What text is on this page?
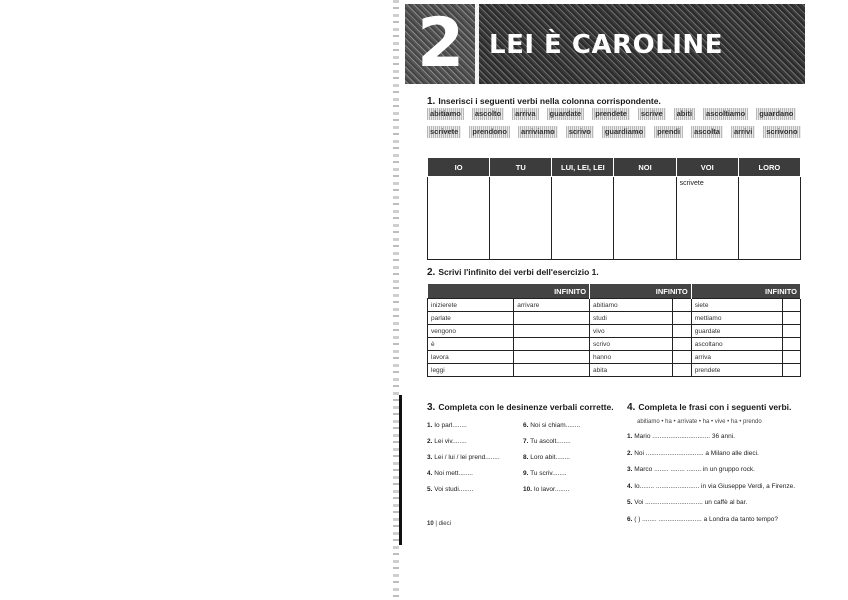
2 LEI È CAROLINE
1. Inserisci i seguenti verbi nella colonna corrispondente.
abitiamo	ascolto	arriva	guardate	prendete	scrive	abiti	ascoltiamo	guardano
scrivete	prendono	arriviamo	scrivo	guardiamo	prendi	ascolta	arrivi	scrivono
IO	TU	LUI, LEI, LEI	NOI	VOI	LORO
				scrivete	
2. Scrivi l'infinito dei verbi dell'esercizio 1.
INFINITO		INFINITO		INFINITO	
inizierete	arrivare	abitiamo		siete	
parlate		studi		mettiamo	
vengono		vivo		guardate	
è		scrivo		ascoltano	
lavora		hanno		arriva	
leggi		abita		prendete	
3. Completa con le desinenze verbali corrette.
1. Io parl........
2. Lei viv........
3. Lei / lui / lei prend........
4. Noi mett........
5. Voi studi........
6. Noi si chiam........
7. Tu ascolt........
8. Loro abit........
9. Tu scriv........
10. Io lavor........
4. Completa le frasi con i seguenti verbi.
abitiamo • ha • arrivate • ha • vive • ha • prendo
1. Mario ................................ 36 anni.
2. Noi ................................ a Milano alle dieci.
3. Marco ........ ........ ........ in un gruppo rock.
4. Io........ ........................ in via Giuseppe Verdi, a Firenze.
5. Voi ................................ un caffè al bar.
6. ( ) ........ ........................ a Londra da tanto tempo?
10 | dieci
